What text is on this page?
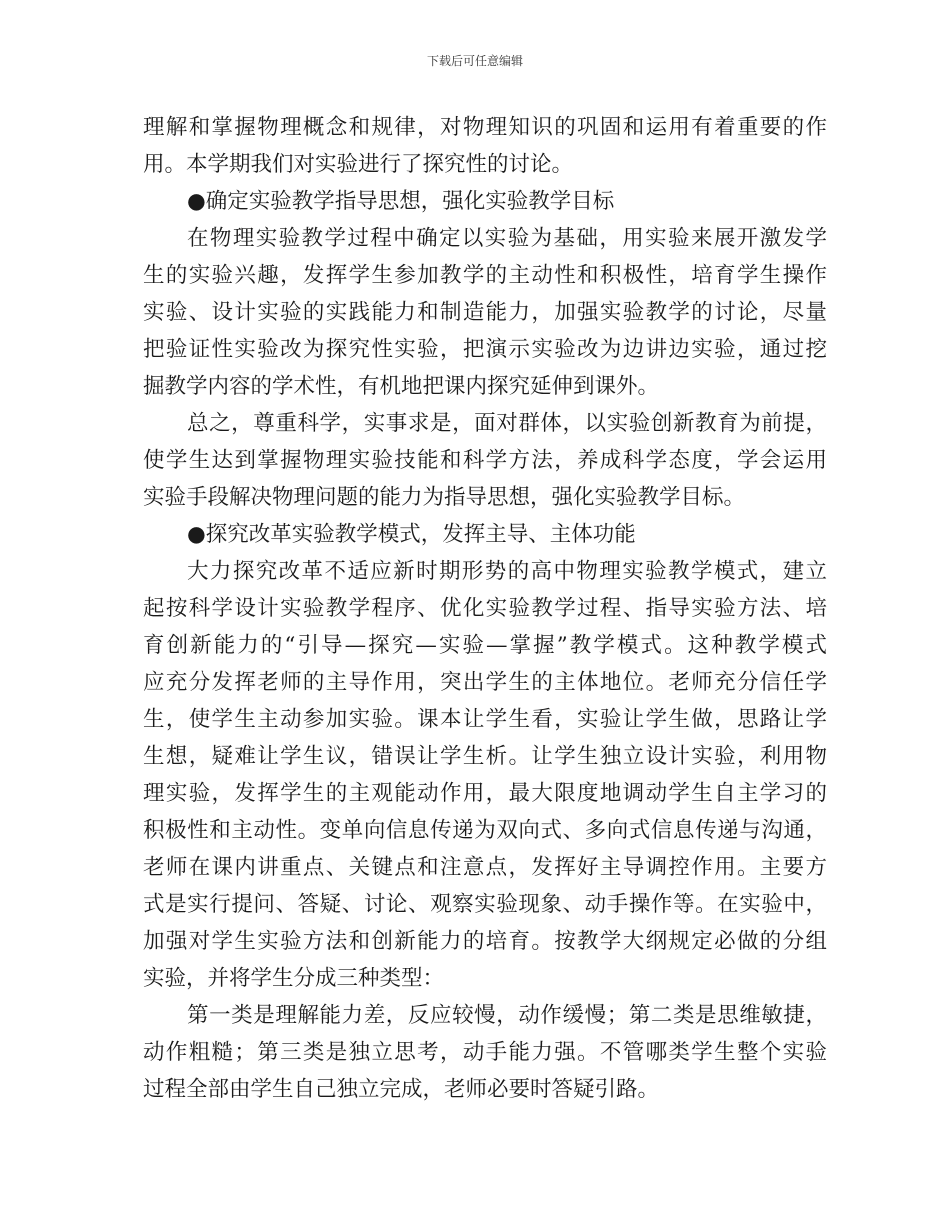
下载后可任意编辑
理解和掌握物理概念和规律，对物理知识的巩固和运用有着重要的作
用。本学期我们对实验进行了探究性的讨论。
●确定实验教学指导思想，强化实验教学目标
在物理实验教学过程中确定以实验为基础，用实验来展开激发学
生的实验兴趣，发挥学生参加教学的主动性和积极性，培育学生操作
实验、设计实验的实践能力和制造能力，加强实验教学的讨论，尽量
把验证性实验改为探究性实验，把演示实验改为边讲边实验，通过挖
掘教学内容的学术性，有机地把课内探究延伸到课外。
总之，尊重科学，实事求是，面对群体，以实验创新教育为前提，
使学生达到掌握物理实验技能和科学方法，养成科学态度，学会运用
实验手段解决物理问题的能力为指导思想，强化实验教学目标。
●探究改革实验教学模式，发挥主导、主体功能
大力探究改革不适应新时期形势的高中物理实验教学模式，建立
起按科学设计实验教学程序、优化实验教学过程、指导实验方法、培
育创新能力的“引导—探究—实验—掌握”教学模式。这种教学模式
应充分发挥老师的主导作用，突出学生的主体地位。老师充分信任学
生，使学生主动参加实验。课本让学生看，实验让学生做，思路让学
生想，疑难让学生议，错误让学生析。让学生独立设计实验，利用物
理实验，发挥学生的主观能动作用，最大限度地调动学生自主学习的
积极性和主动性。变单向信息传递为双向式、多向式信息传递与沟通，
老师在课内讲重点、关键点和注意点，发挥好主导调控作用。主要方
式是实行提问、答疑、讨论、观察实验现象、动手操作等。在实验中，
加强对学生实验方法和创新能力的培育。按教学大纲规定必做的分组
实验，并将学生分成三种类型：
第一类是理解能力差，反应较慢，动作缓慢；第二类是思维敏捷，
动作粗糙；第三类是独立思考，动手能力强。不管哪类学生整个实验
过程全部由学生自己独立完成，老师必要时答疑引路。
